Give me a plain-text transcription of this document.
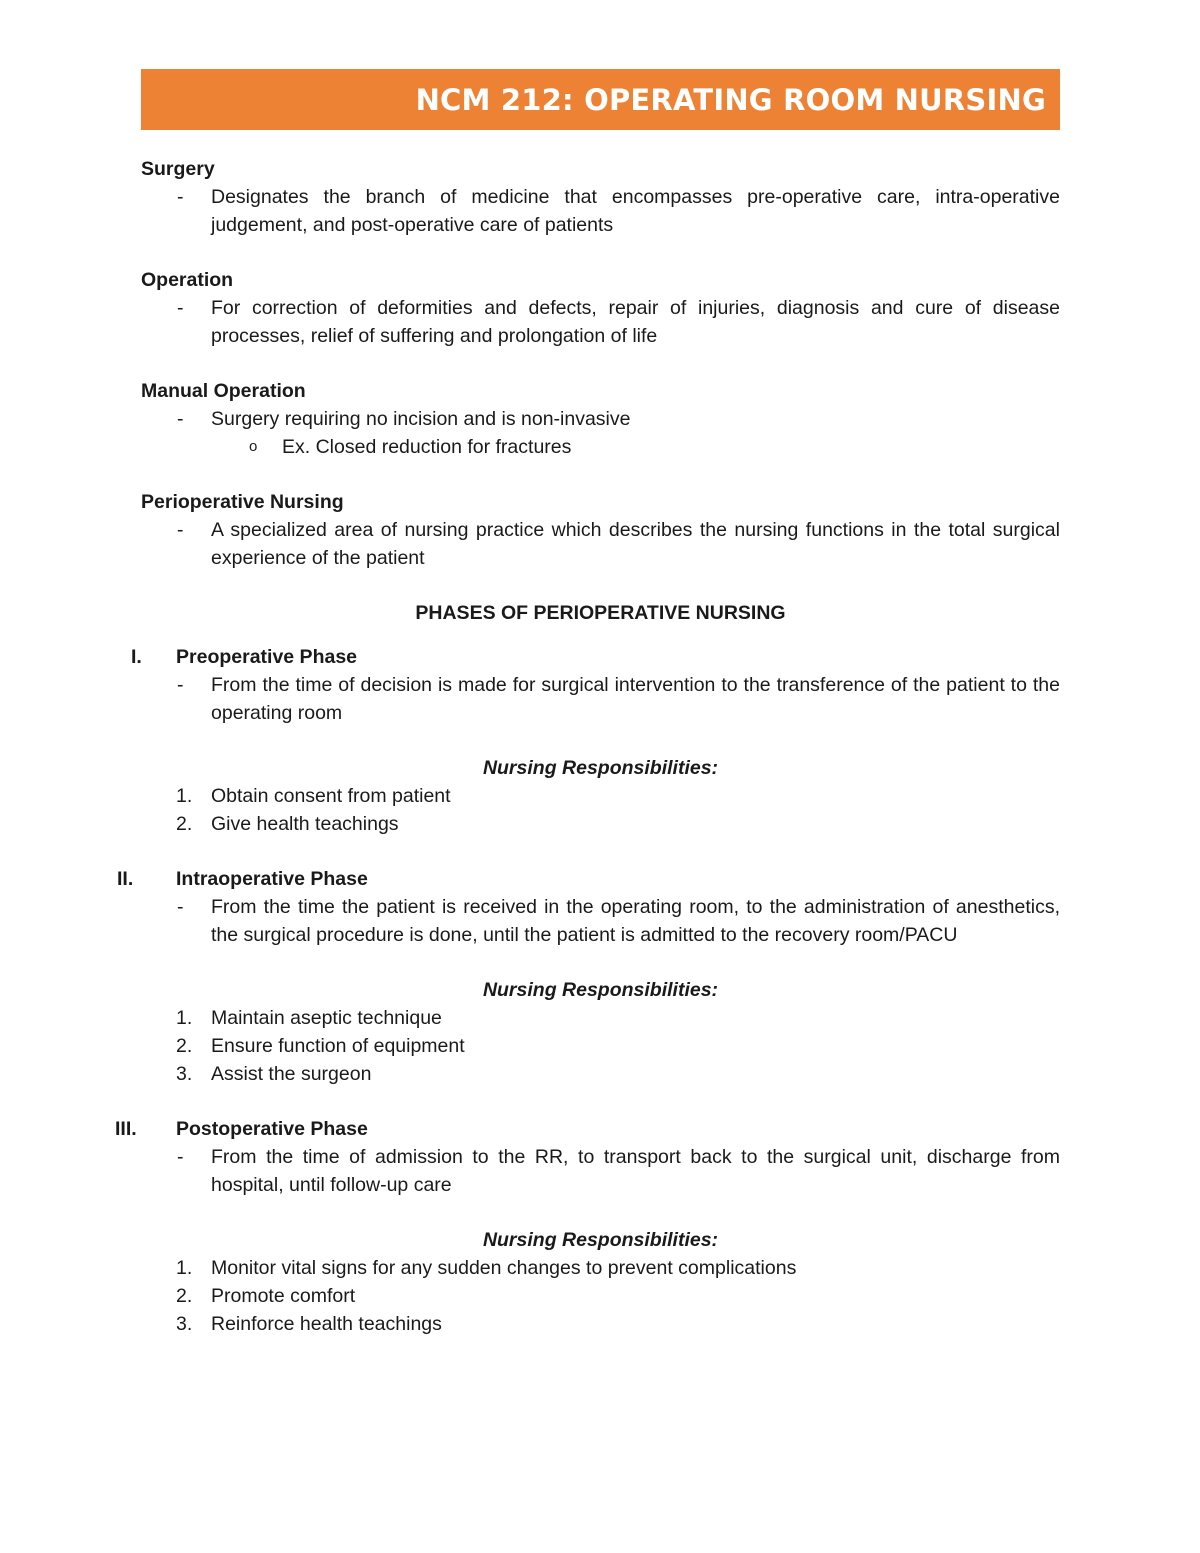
NCM 212: OPERATING ROOM NURSING

Surgery

-	Designates the branch of medicine that encompasses pre-operative care, intra-operative judgement, and post-operative care of patients

Operation

-	For correction of deformities and defects, repair of injuries, diagnosis and cure of disease processes, relief of suffering and prolongation of life

Manual Operation

-	Surgery requiring no incision and is non-invasive
o	Ex. Closed reduction for fractures

Perioperative Nursing

-	A specialized area of nursing practice which describes the nursing functions in the total surgical experience of the patient

PHASES OF PERIOPERATIVE NURSING

I.	Preoperative Phase
-	From the time of decision is made for surgical intervention to the transference of the patient to the operating room

Nursing Responsibilities:

1. Obtain consent from patient
2. Give health teachings
II.	Intraoperative Phase
-	From the time the patient is received in the operating room, to the administration of anesthetics, the surgical procedure is done, until the patient is admitted to the recovery room/PACU

Nursing Responsibilities:

1. Maintain aseptic technique
2. Ensure function of equipment
3. Assist the surgeon
III.	Postoperative Phase
-	From the time of admission to the RR, to transport back to the surgical unit, discharge from hospital, until follow-up care

Nursing Responsibilities:

1. Monitor vital signs for any sudden changes to prevent complications
2. Promote comfort
3. Reinforce health teachings
